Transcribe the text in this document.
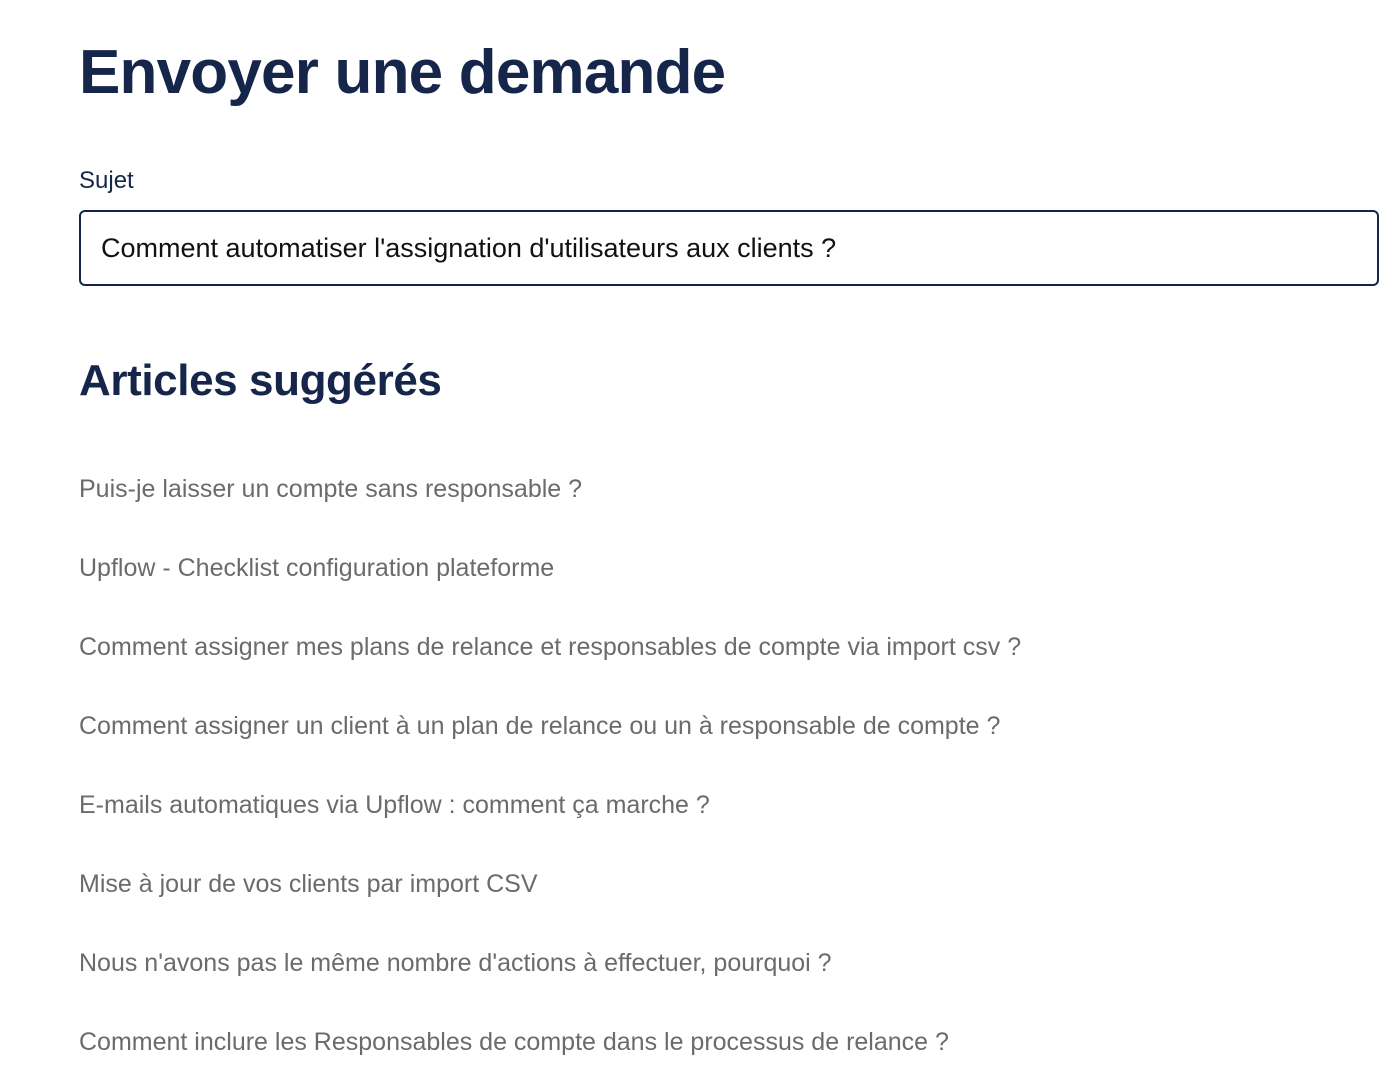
Envoyer une demande
Sujet
Comment automatiser l'assignation d'utilisateurs aux clients ?
Articles suggérés
Puis-je laisser un compte sans responsable ?
Upflow - Checklist configuration plateforme
Comment assigner mes plans de relance et responsables de compte via import csv ?
Comment assigner un client à un plan de relance ou un à responsable de compte ?
E-mails automatiques via Upflow : comment ça marche ?
Mise à jour de vos clients par import CSV
Nous n'avons pas le même nombre d'actions à effectuer, pourquoi ?
Comment inclure les Responsables de compte dans le processus de relance ?
